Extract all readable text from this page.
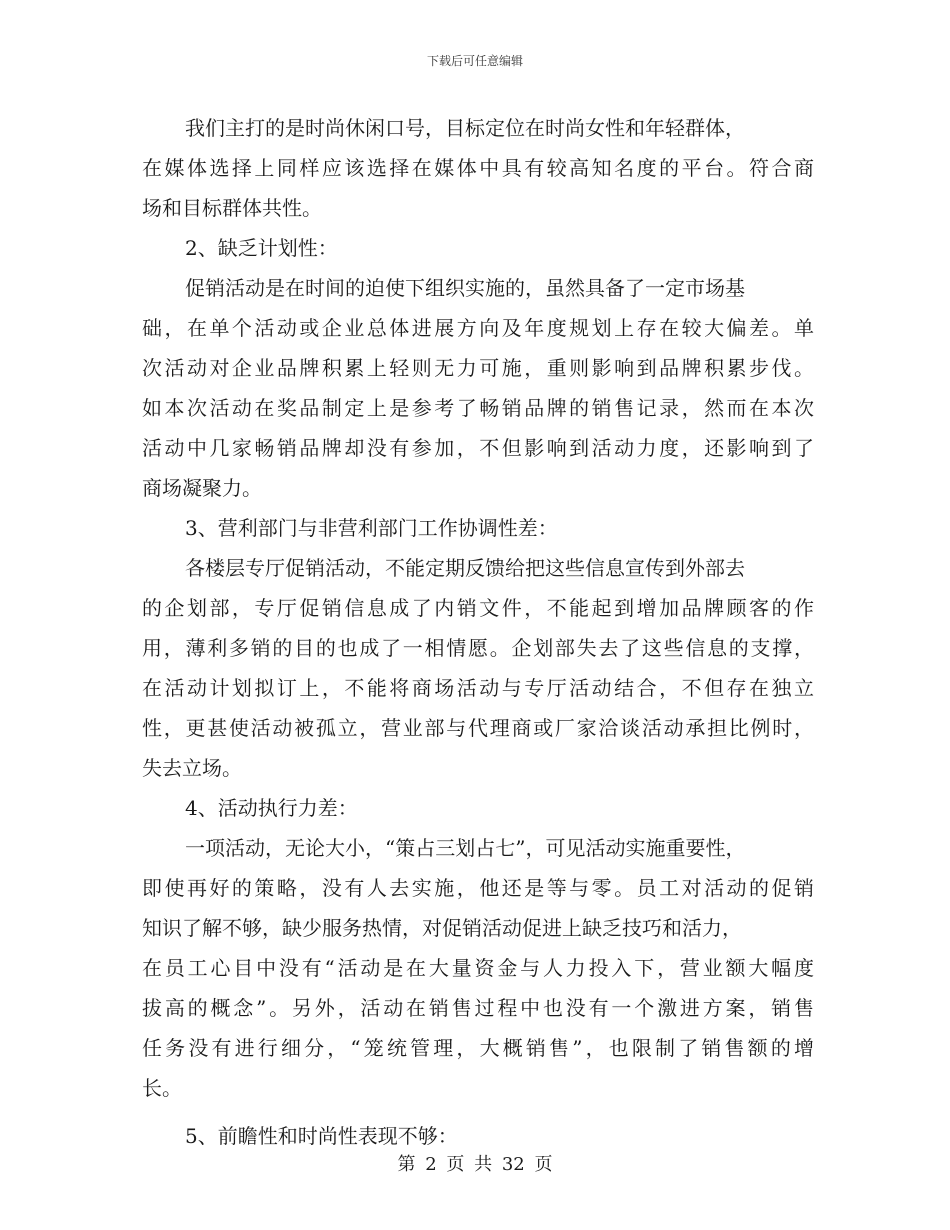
下载后可任意编辑
我们主打的是时尚休闲口号，目标定位在时尚女性和年轻群体，
在媒体选择上同样应该选择在媒体中具有较高知名度的平台。符合商
场和目标群体共性。
2、缺乏计划性：
促销活动是在时间的迫使下组织实施的，虽然具备了一定市场基
础，在单个活动或企业总体进展方向及年度规划上存在较大偏差。单
次活动对企业品牌积累上轻则无力可施，重则影响到品牌积累步伐。
如本次活动在奖品制定上是参考了畅销品牌的销售记录，然而在本次
活动中几家畅销品牌却没有参加，不但影响到活动力度，还影响到了
商场凝聚力。
3、营利部门与非营利部门工作协调性差：
各楼层专厅促销活动，不能定期反馈给把这些信息宣传到外部去
的企划部，专厅促销信息成了内销文件，不能起到增加品牌顾客的作
用，薄利多销的目的也成了一相情愿。企划部失去了这些信息的支撑，
在活动计划拟订上，不能将商场活动与专厅活动结合，不但存在独立
性，更甚使活动被孤立，营业部与代理商或厂家洽谈活动承担比例时，
失去立场。
4、活动执行力差：
一项活动，无论大小，“策占三划占七”，可见活动实施重要性，
即使再好的策略，没有人去实施，他还是等与零。员工对活动的促销
知识了解不够，缺少服务热情，对促销活动促进上缺乏技巧和活力，
在员工心目中没有“活动是在大量资金与人力投入下，营业额大幅度
拔高的概念”。另外，活动在销售过程中也没有一个激进方案，销售
任务没有进行细分，“笼统管理，大概销售”，也限制了销售额的增
长。
5、前瞻性和时尚性表现不够：
第 2 页 共 32 页
